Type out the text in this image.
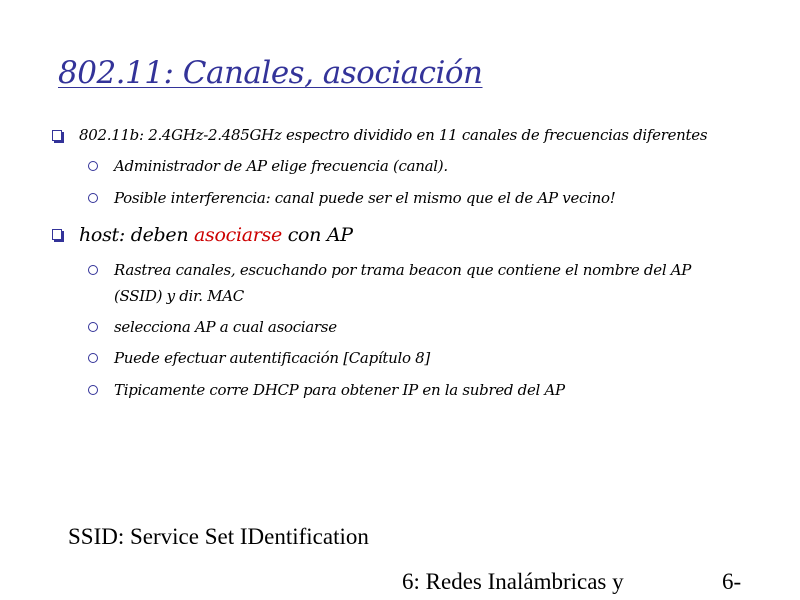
802.11: Canales, asociación
802.11b: 2.4GHz-2.485GHz espectro dividido en 11 canales de frecuencias diferentes
Administrador de AP elige frecuencia (canal).
Posible interferencia: canal puede ser el mismo que el de AP vecino!
host: deben asociarse con AP
Rastrea canales, escuchando por trama beacon que contiene el nombre del AP
(SSID) y dir. MAC
selecciona AP a cual asociarse
Puede efectuar autentificación [Capítulo 8]
Tipicamente corre DHCP para obtener IP en la subred del AP
SSID: Service Set IDentification
6: Redes Inalámbricas y	6-
